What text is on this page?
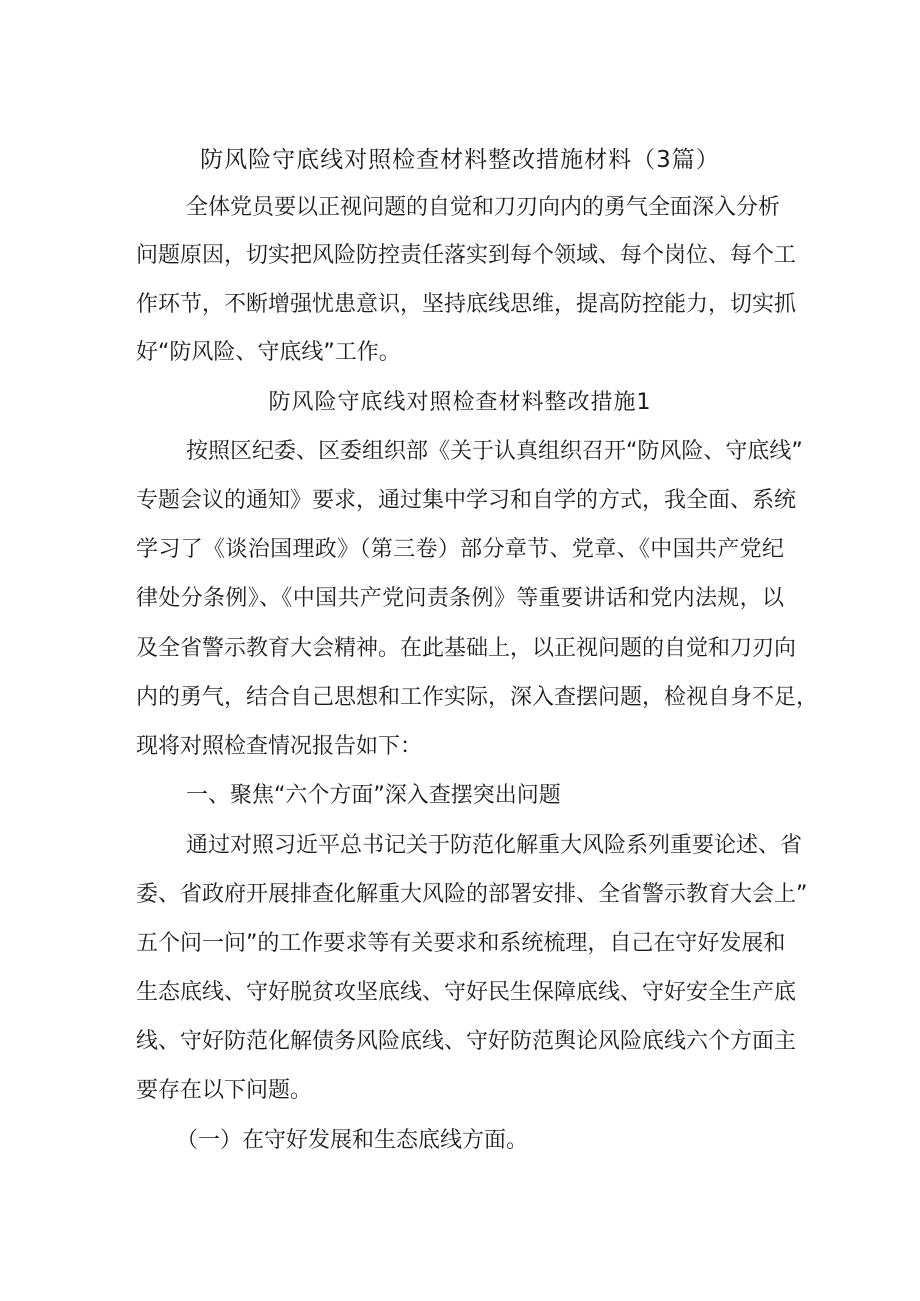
防风险守底线对照检查材料整改措施材料（3篇）
全体党员要以正视问题的自觉和刀刃向内的勇气全面深入分析
问题原因，切实把风险防控责任落实到每个领域、每个岗位、每个工
作环节，不断增强忧患意识，坚持底线思维，提高防控能力，切实抓
好“防风险、守底线”工作。
防风险守底线对照检查材料整改措施1
按照区纪委、区委组织部《关于认真组织召开“防风险、守底线”
专题会议的通知》要求，通过集中学习和自学的方式，我全面、系统
学习了《谈治国理政》（第三卷）部分章节、党章、《中国共产党纪
律处分条例》、《中国共产党问责条例》等重要讲话和党内法规，以
及全省警示教育大会精神。在此基础上，以正视问题的自觉和刀刃向
内的勇气，结合自己思想和工作实际，深入查摆问题，检视自身不足，
现将对照检查情况报告如下：
一、聚焦“六个方面”深入查摆突出问题
通过对照习近平总书记关于防范化解重大风险系列重要论述、省
委、省政府开展排查化解重大风险的部署安排、全省警示教育大会上”
五个问一问”的工作要求等有关要求和系统梳理，自己在守好发展和
生态底线、守好脱贫攻坚底线、守好民生保障底线、守好安全生产底
线、守好防范化解债务风险底线、守好防范舆论风险底线六个方面主
要存在以下问题。
（一）在守好发展和生态底线方面。
